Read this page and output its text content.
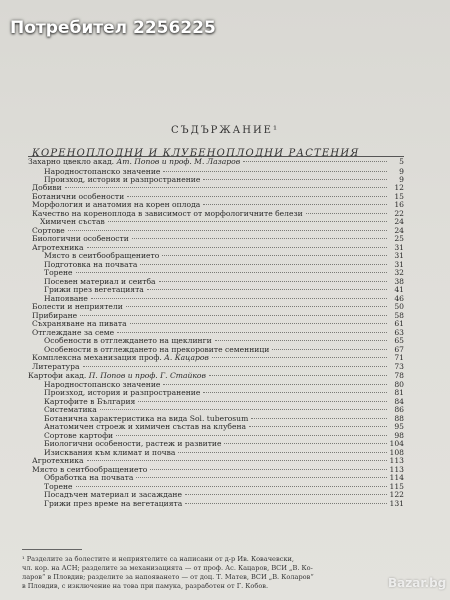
Потребител 2256225
СЪДЪРЖАНИЕ¹
КОРЕНОПЛОДНИ И КЛУБЕНОПЛОДНИ РАСТЕНИЯ
Захарно цвекло акад. Ат. Попов и проф. М. Лазаров	5
Народностопанско значение	9
Произход, история и разпространение	9
Добиви	12
Ботанични особености	15
Морфология и анатомия на корен оплода	16
Качество на кореноплода в зависимост от морфологичните белези	22
Химичен състав	24
Сортове	24
Биологични особености	25
Агротехника	31
Място в сеитбообращението	31
Подготовка на почвата	31
Торене	32
Посевен материал и сеитба	38
Грижи през вегетацията	41
Напояване	46
Болести и неприятели	50
Прибиране	58
Съхраняване на пивата	61
Отглеждане за семе	63
Особености в отглеждането на щеклинги	65
Особености в отглеждането на прекоровите семенници	67
Комплексна механизация проф. А. Кацаров	71
Литература	73
Картофи акад. П. Попов и проф. Г. Стайков	78
Народностопанско значение	80
Произход, история и разпространение	81
Картофите в България	84
Систематика	86
Ботанична характеристика на вида Sol. tuberosum	88
Анатомичен строеж и химичен състав на клубена	95
Сортове картофи	98
Биологични особености, растеж и развитие	104
Изисквания към климат и почва	108
Агротехника	113
Място в сеитбообращението	113
Обработка на почвата	114
Торене	115
Посадъчен материал и засаждане	122
Грижи през време на вегетацията	131
¹ Разделите за болестите и неприятелите са написани от д-р Ив. Ковачевски,
чл. кор. на АСН; разделите за механизацията — от проф. Ас. Кацаров, ВСИ „В. Ко-
ларов“ в Пловдив; разделите за напояването — от доц. Т. Матев, ВСИ „В. Коларов“
в Пловдив, с изключение на това при памука, разработен от Г. Кобов.	Bazar.bg
